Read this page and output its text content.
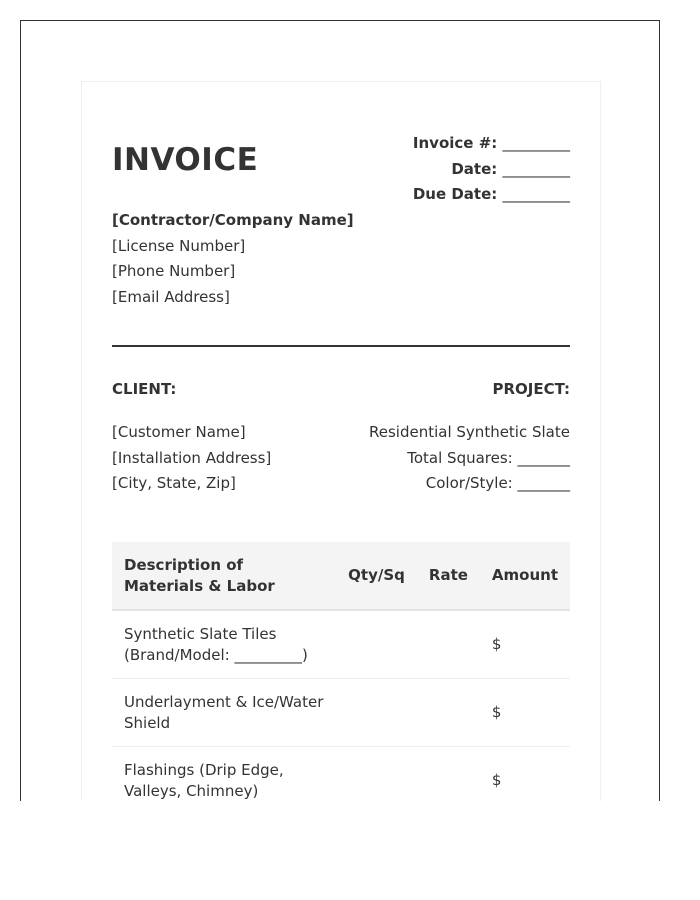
INVOICE	Invoice #: _________
Date: _________
Due Date: _________
[Contractor/Company Name]
[License Number]
[Phone Number]
[Email Address]
CLIENT:	PROJECT:
[Customer Name]
[Installation Address]
[City, State, Zip]
Residential Synthetic Slate
Total Squares: _______
Color/Style: _______
Description of Materials & Labor	Qty/Sq	Rate	Amount
Synthetic Slate Tiles (Brand/Model: _________)			$
Underlayment & Ice/Water Shield			$
Flashings (Drip Edge, Valleys, Chimney)			$
